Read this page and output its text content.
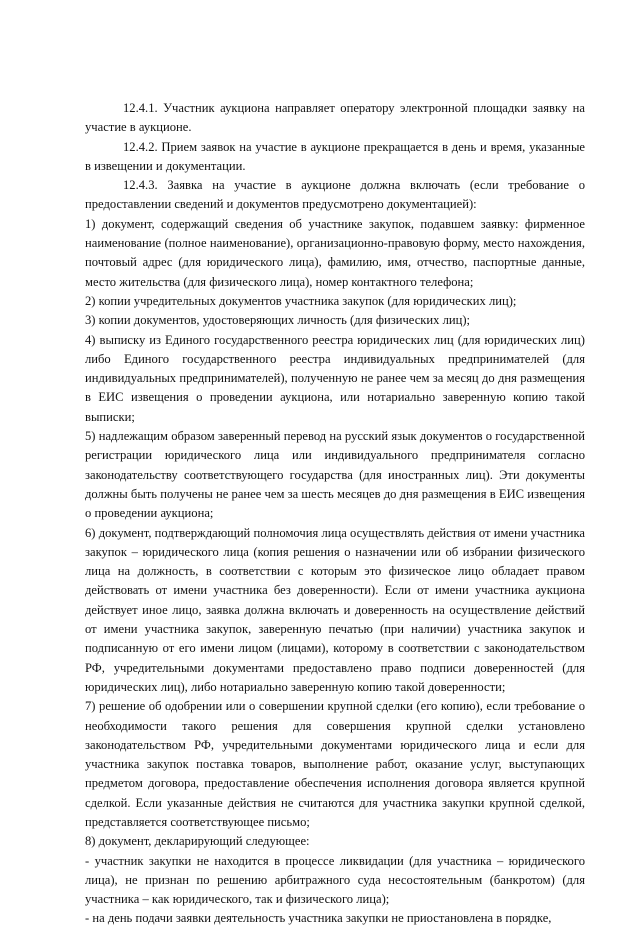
12.4.1. Участник аукциона направляет оператору электронной площадки заявку на участие в аукционе.

12.4.2. Прием заявок на участие в аукционе прекращается в день и время, указанные в извещении и документации.

12.4.3. Заявка на участие в аукционе должна включать (если требование о предоставлении сведений и документов предусмотрено документацией):

1) документ, содержащий сведения об участнике закупок, подавшем заявку: фирменное наименование (полное наименование), организационно-правовую форму, место нахождения, почтовый адрес (для юридического лица), фамилию, имя, отчество, паспортные данные, место жительства (для физического лица), номер контактного телефона;

2) копии учредительных документов участника закупок (для юридических лиц);

3) копии документов, удостоверяющих личность (для физических лиц);

4) выписку из Единого государственного реестра юридических лиц (для юридических лиц) либо Единого государственного реестра индивидуальных предпринимателей (для индивидуальных предпринимателей), полученную не ранее чем за месяц до дня размещения в ЕИС извещения о проведении аукциона, или нотариально заверенную копию такой выписки;

5) надлежащим образом заверенный перевод на русский язык документов о государственной регистрации юридического лица или индивидуального предпринимателя согласно законодательству соответствующего государства (для иностранных лиц). Эти документы должны быть получены не ранее чем за шесть месяцев до дня размещения в ЕИС извещения о проведении аукциона;

6) документ, подтверждающий полномочия лица осуществлять действия от имени участника закупок – юридического лица (копия решения о назначении или об избрании физического лица на должность, в соответствии с которым это физическое лицо обладает правом действовать от имени участника без доверенности). Если от имени участника аукциона действует иное лицо, заявка должна включать и доверенность на осуществление действий от имени участника закупок, заверенную печатью (при наличии) участника закупок и подписанную от его имени лицом (лицами), которому в соответствии с законодательством РФ, учредительными документами предоставлено право подписи доверенностей (для юридических лиц), либо нотариально заверенную копию такой доверенности;

7) решение об одобрении или о совершении крупной сделки (его копию), если требование о необходимости такого решения для совершения крупной сделки установлено законодательством РФ, учредительными документами юридического лица и если для участника закупок поставка товаров, выполнение работ, оказание услуг, выступающих предметом договора, предоставление обеспечения исполнения договора является крупной сделкой. Если указанные действия не считаются для участника закупки крупной сделкой, представляется соответствующее письмо;

8) документ, декларирующий следующее:

- участник закупки не находится в процессе ликвидации (для участника – юридического лица), не признан по решению арбитражного суда несостоятельным (банкротом) (для участника – как юридического, так и физического лица);

- на день подачи заявки деятельность участника закупки не приостановлена в порядке,
